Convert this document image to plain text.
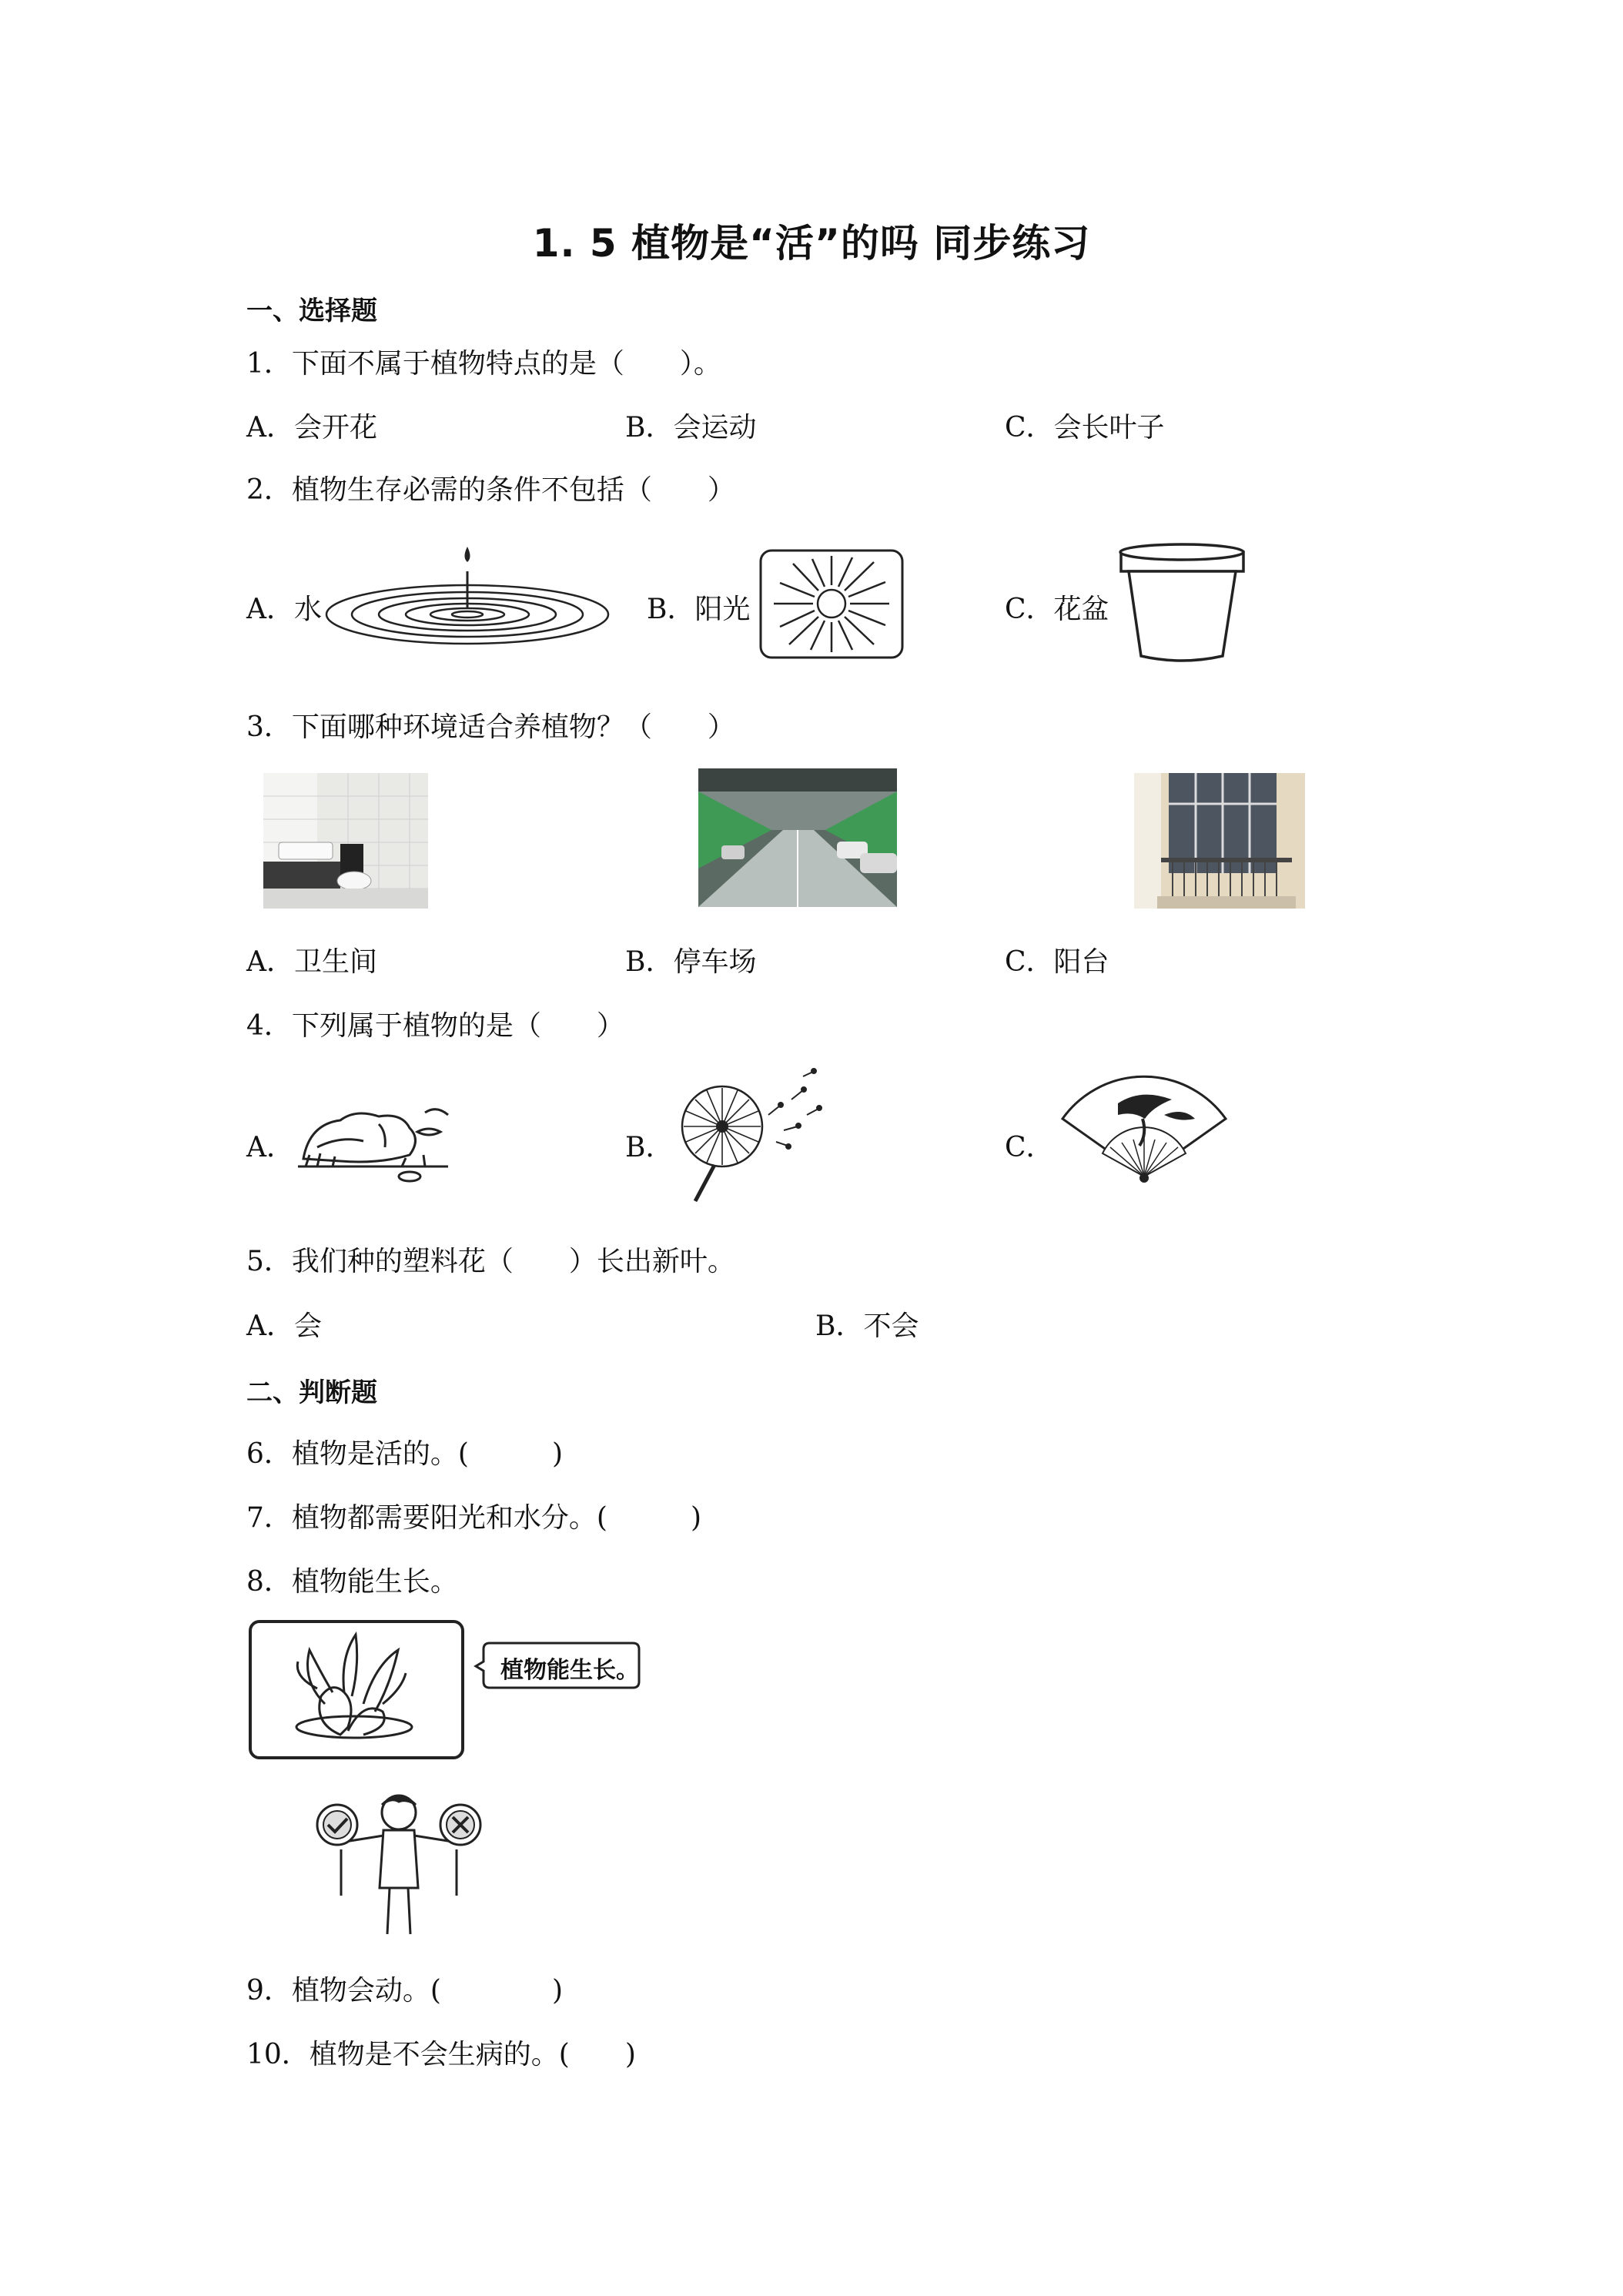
1. 5 植物是“活”的吗 同步练习
一、选择题
1．下面不属于植物特点的是（　　）。
A．会开花	B．会运动	C．会长叶子
2．植物生存必需的条件不包括（　　）
A．水	B．阳光	C．花盆
3．下面哪种环境适合养植物？（　　）
A．卫生间	B．停车场	C．阳台
4．下列属于植物的是（　　）
A．	B．	C．
5．我们种的塑料花（　　）长出新叶。
A．会	B．不会
二、判断题
6．植物是活的。(　　　)
7．植物都需要阳光和水分。(　　　)
8．植物能生长。
植物能生长。
9．植物会动。(　　　　)
10．植物是不会生病的。(　　)
